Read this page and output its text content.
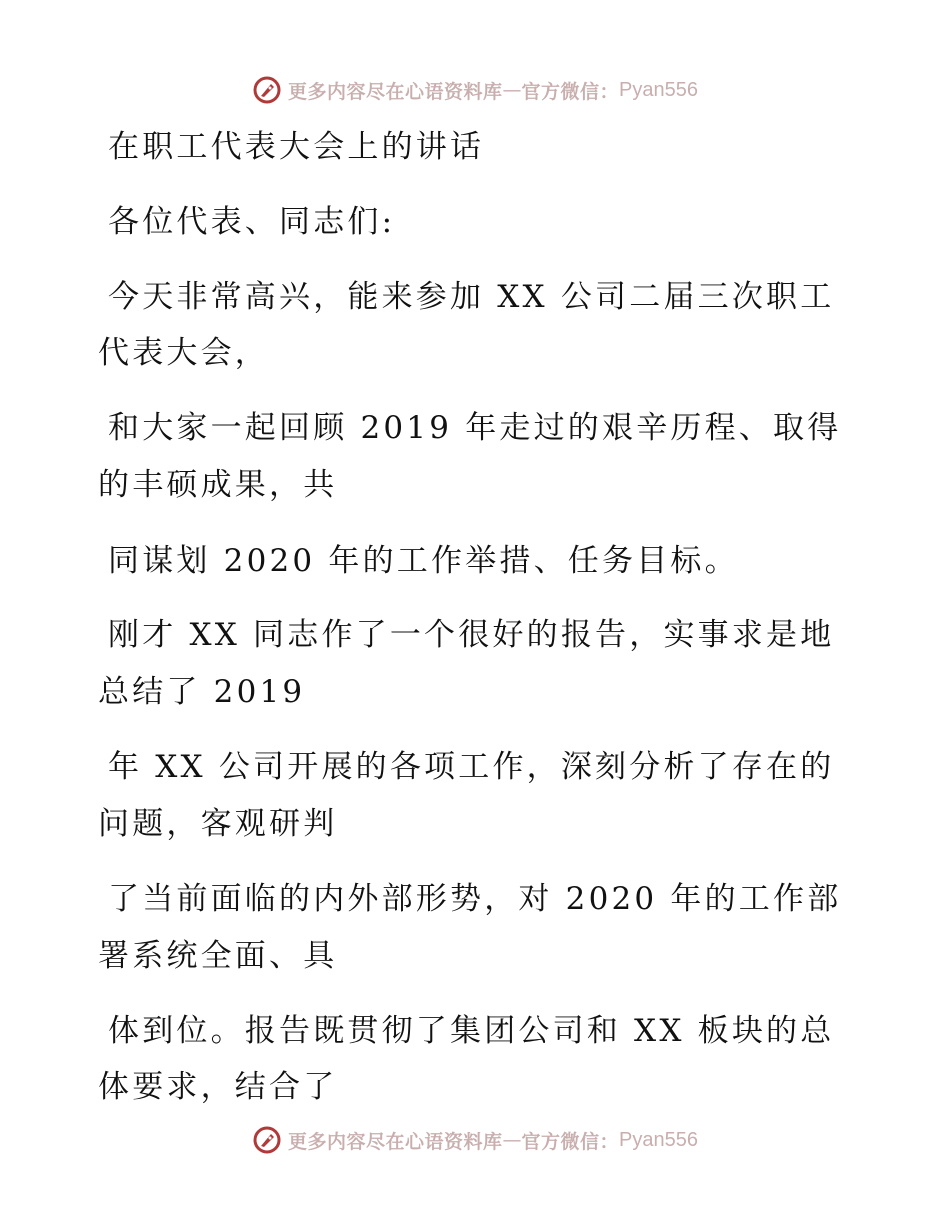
更多内容尽在心语资料库 — 官方微信： Pyan556
在职工代表大会上的讲话
各位代表、同志们:
今天非常高兴，能来参加 XX 公司二届三次职工
代表大会，
和大家一起回顾 2019 年走过的艰辛历程、取得
的丰硕成果，共
同谋划 2020 年的工作举措、任务目标。
刚才 XX 同志作了一个很好的报告，实事求是地
总结了 2019
年 XX 公司开展的各项工作，深刻分析了存在的
问题，客观研判
了当前面临的内外部形势，对 2020 年的工作部
署系统全面、具
体到位。报告既贯彻了集团公司和 XX 板块的总
体要求，结合了
更多内容尽在心语资料库 — 官方微信： Pyan556
